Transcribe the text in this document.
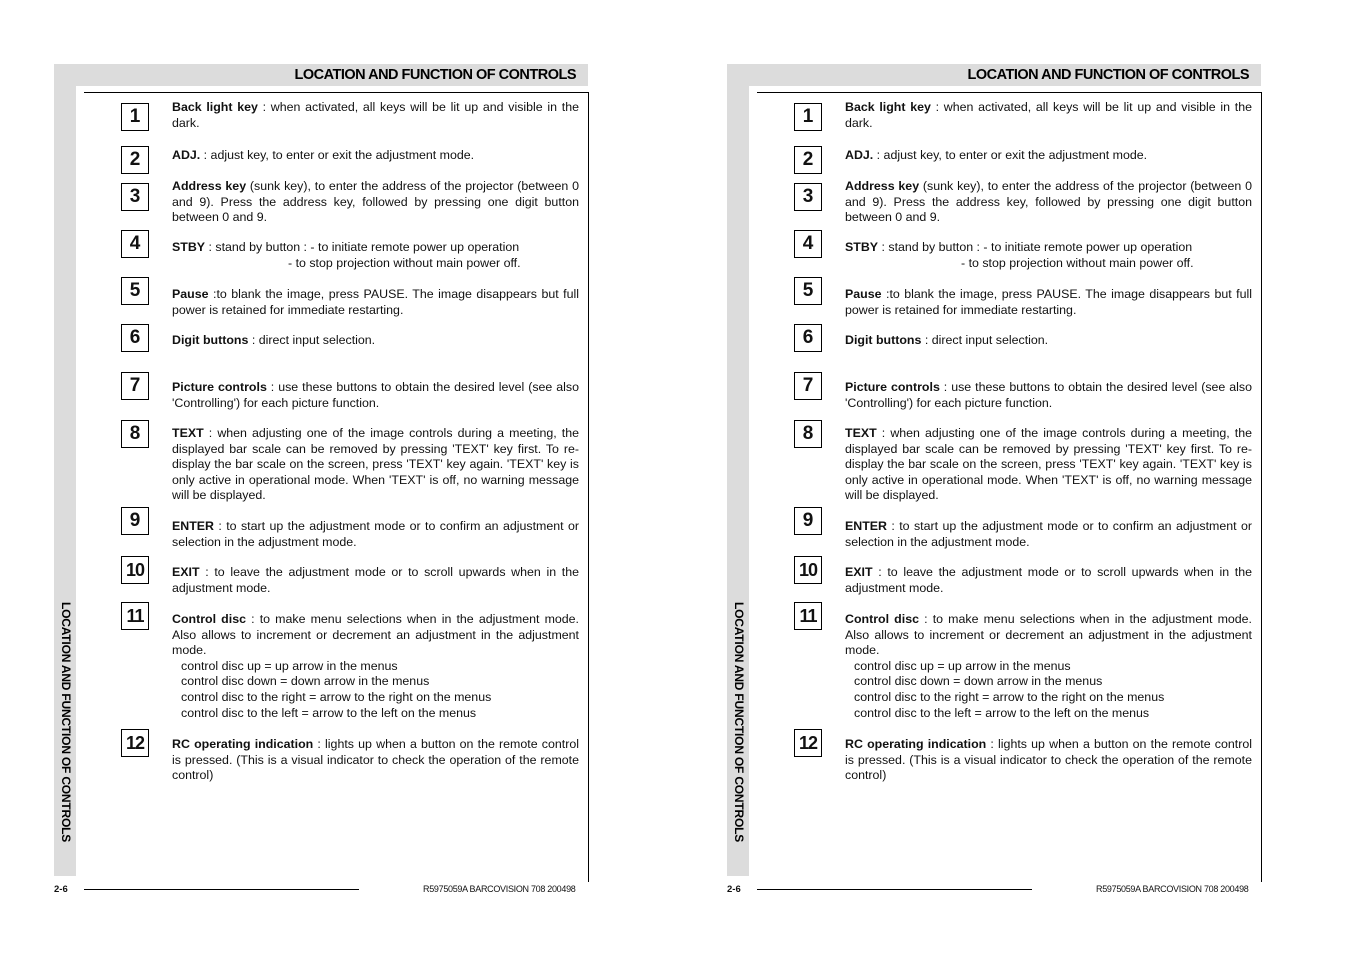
LOCATION AND FUNCTION OF CONTROLS
LOCATION AND FUNCTION OF CONTROLS
1	Back light key : when activated, all keys will be lit up and visible in the dark.
2	ADJ. : adjust key, to enter or exit the adjustment mode.
3	Address key (sunk key), to enter the address of the projector (between 0 and 9). Press the address key, followed by pressing one digit button between 0 and 9.
4	STBY : stand by button : - to initiate remote power up operation
- to stop projection without main power off.
5	Pause :to blank the image, press PAUSE. The image disappears but full power is retained for immediate restarting.
6	Digit buttons : direct input selection.
7	Picture controls : use these buttons to obtain the desired level (see also 'Controlling') for each picture function.
8	TEXT : when adjusting one of the image controls during a meeting, the displayed bar scale can be removed by pressing 'TEXT' key first. To re-display the bar scale on the screen, press 'TEXT' key again. 'TEXT' key is only active in operational mode. When 'TEXT' is off, no warning message will be displayed.
9	ENTER : to start up the adjustment mode or to confirm an adjustment or selection in the adjustment mode.
10	EXIT : to leave the adjustment mode or to scroll upwards when in the adjustment mode.
11	Control disc : to make menu selections when in the adjustment mode. Also allows to increment or decrement an adjustment in the adjustment mode.
control disc up = up arrow in the menus
control disc down = down arrow in the menus
control disc to the right = arrow to the right on the menus
control disc to the left = arrow to the left on the menus
12	RC operating indication : lights up when a button on the remote control is pressed. (This is a visual indicator to check the operation of the remote control)
2-6	R5975059A BARCOVISION 708 200498
LOCATION AND FUNCTION OF CONTROLS
LOCATION AND FUNCTION OF CONTROLS
1	Back light key : when activated, all keys will be lit up and visible in the dark.
2	ADJ. : adjust key, to enter or exit the adjustment mode.
3	Address key (sunk key), to enter the address of the projector (between 0 and 9). Press the address key, followed by pressing one digit button between 0 and 9.
4	STBY : stand by button : - to initiate remote power up operation
- to stop projection without main power off.
5	Pause :to blank the image, press PAUSE. The image disappears but full power is retained for immediate restarting.
6	Digit buttons : direct input selection.
7	Picture controls : use these buttons to obtain the desired level (see also 'Controlling') for each picture function.
8	TEXT : when adjusting one of the image controls during a meeting, the displayed bar scale can be removed by pressing 'TEXT' key first. To re-display the bar scale on the screen, press 'TEXT' key again. 'TEXT' key is only active in operational mode. When 'TEXT' is off, no warning message will be displayed.
9	ENTER : to start up the adjustment mode or to confirm an adjustment or selection in the adjustment mode.
10	EXIT : to leave the adjustment mode or to scroll upwards when in the adjustment mode.
11	Control disc : to make menu selections when in the adjustment mode. Also allows to increment or decrement an adjustment in the adjustment mode.
control disc up = up arrow in the menus
control disc down = down arrow in the menus
control disc to the right = arrow to the right on the menus
control disc to the left = arrow to the left on the menus
12	RC operating indication : lights up when a button on the remote control is pressed. (This is a visual indicator to check the operation of the remote control)
2-6	R5975059A BARCOVISION 708 200498
